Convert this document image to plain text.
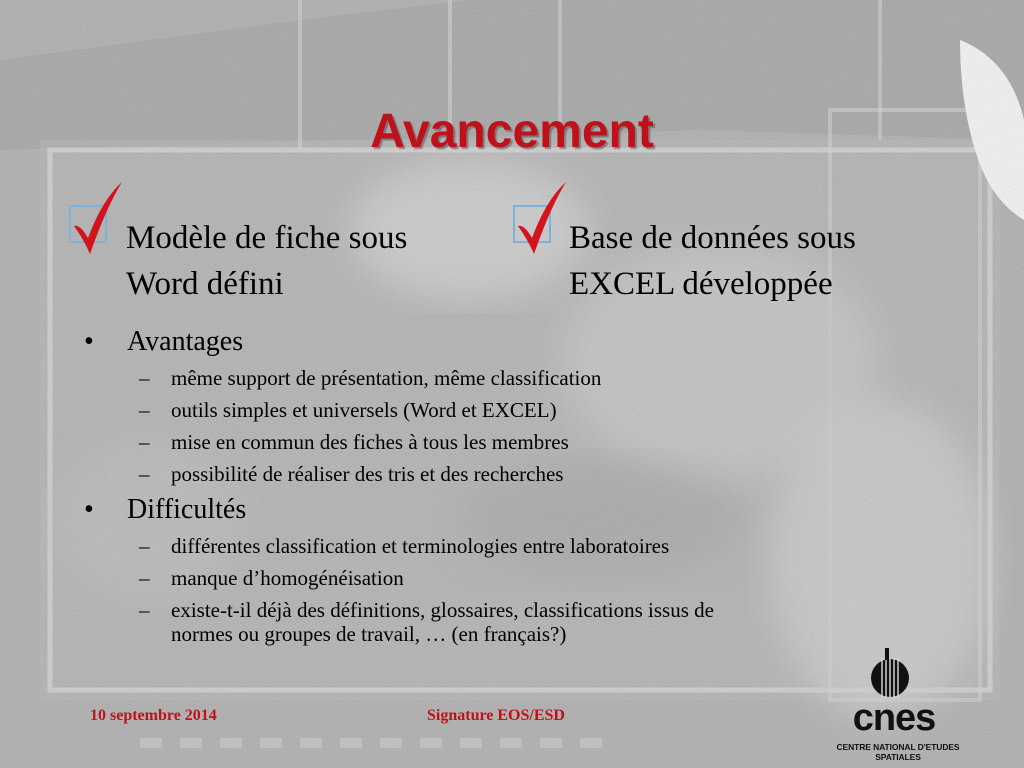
Avancement
Modèle de fiche sous
Word défini
Base de données sous
EXCEL développée
• Avantages
– même support de présentation, même classification
– outils simples et universels (Word et EXCEL)
– mise en commun des fiches à tous les membres
– possibilité de réaliser des tris et des recherches
• Difficultés
– différentes classification et terminologies entre laboratoires
– manque d’homogénéisation
– existe-t-il déjà des définitions, glossaires, classifications issus de
normes ou groupes de travail, … (en français?)
10 septembre 2014	Signature EOS/ESD	cnes
CENTRE NATIONAL D'ETUDES SPATIALES
